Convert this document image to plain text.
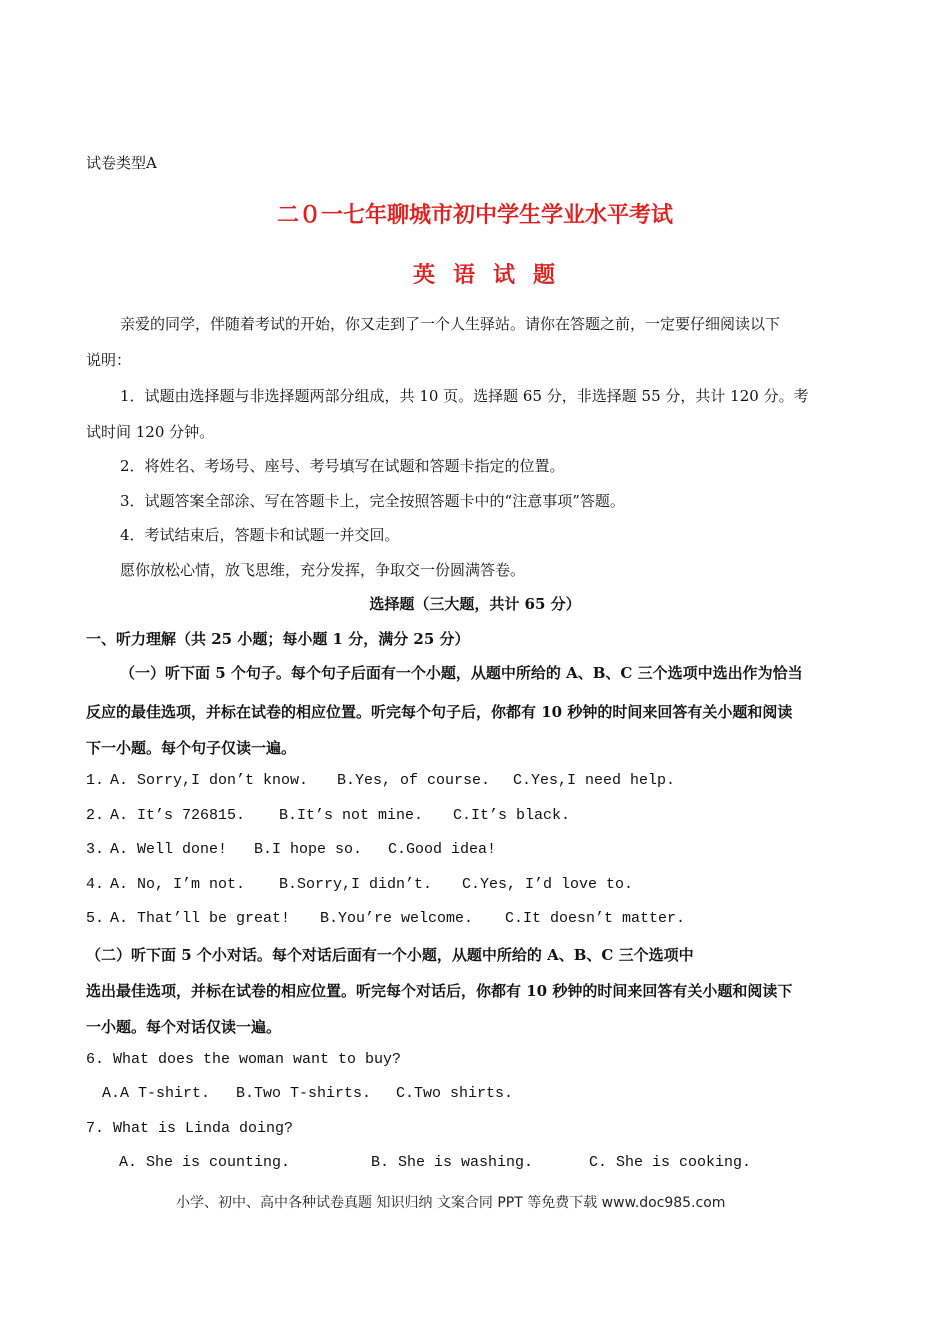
试卷类型A
二０一七年聊城市初中学生学业水平考试
英语试题
亲爱的同学，伴随着考试的开始，你又走到了一个人生驿站。请你在答题之前，一定要仔细阅读以下
说明：
1．试题由选择题与非选择题两部分组成，共 10 页。选择题 65 分，非选择题 55 分，共计 120 分。考
试时间 120 分钟。
2．将姓名、考场号、座号、考号填写在试题和答题卡指定的位置。
3．试题答案全部涂、写在答题卡上，完全按照答题卡中的“注意事项”答题。
4．考试结束后，答题卡和试题一并交回。
愿你放松心情，放飞思维，充分发挥，争取交一份圆满答卷。
选择题（三大题，共计 65 分）
一、听力理解（共 25 小题；每小题 1 分，满分 25 分）
（一）听下面 5 个句子。每个句子后面有一个小题，从题中所给的 A、B、C 三个选项中选出作为恰当
反应的最佳选项，并标在试卷的相应位置。听完每个句子后，你都有 10 秒钟的时间来回答有关小题和阅读
下一小题。每个句子仅读一遍。
1. A. Sorry,I don’t know. B.Yes, of course. C.Yes,I need help.
2. A. It’s 726815. B.It’s not mine. C.It’s black.
3. A. Well done! B.I hope so. C.Good idea!
4. A. No, I’m not. B.Sorry,I didn’t. C.Yes, I’d love to.
5. A. That’ll be great! B.You’re welcome. C.It doesn’t matter.
（二）听下面 5 个小对话。每个对话后面有一个小题，从题中所给的 A、B、C 三个选项中
选出最佳选项，并标在试卷的相应位置。听完每个对话后，你都有 10 秒钟的时间来回答有关小题和阅读下
一小题。每个对话仅读一遍。
6. What does the woman want to buy?
A.A T-shirt. B.Two T-shirts. C.Two shirts.
7. What is Linda doing?
A. She is counting.	B. She is washing.	C. She is cooking.
小学、初中、高中各种试卷真题 知识归纳 文案合同 PPT 等免费下载 www.doc985.com
